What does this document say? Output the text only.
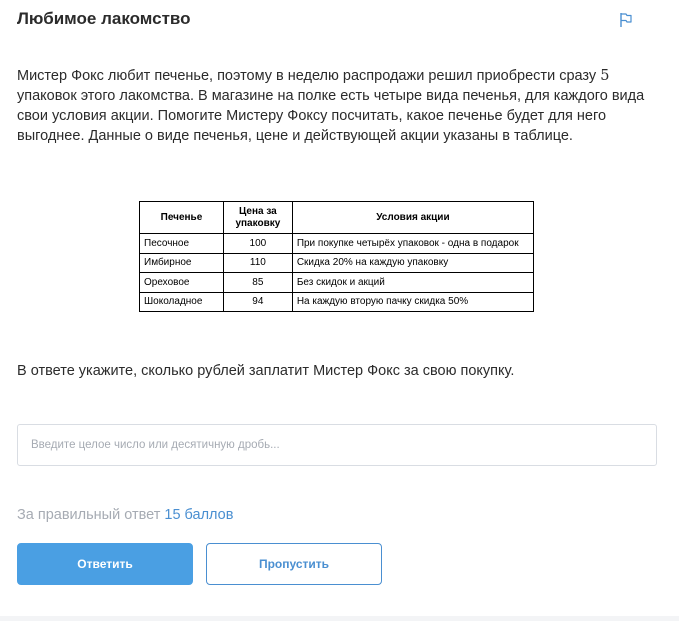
Любимое лакомство

Мистер Фокс любит печенье, поэтому в неделю распродажи решил приобрести сразу 5 упаковок этого лакомства. В магазине на полке есть четыре вида печенья, для каждого вида свои условия акции. Помогите Мистеру Фоксу посчитать, какое печенье будет для него выгоднее. Данные о виде печенья, цене и действующей акции указаны в таблице.

Печенье	Цена за упаковку	Условия акции
Песочное	100	При покупке четырёх упаковок - одна в подарок
Имбирное	110	Скидка 20% на каждую упаковку
Ореховое	85	Без скидок и акций
Шоколадное	94	На каждую вторую пачку скидка 50%

В ответе укажите, сколько рублей заплатит Мистер Фокс за свою покупку.

Введите целое число или десятичную дробь...

За правильный ответ 15 баллов

Ответить	Пропустить
